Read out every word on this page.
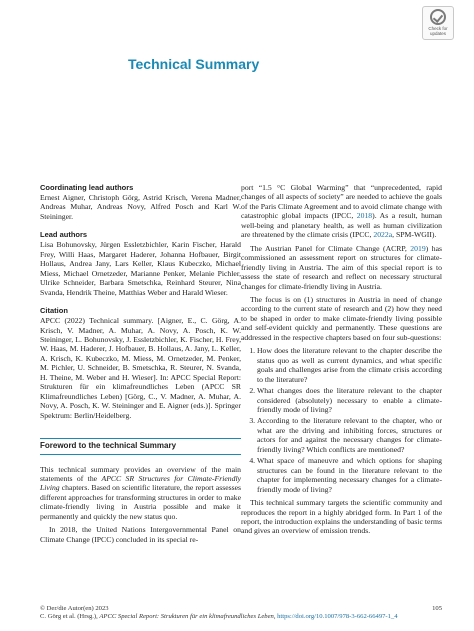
Check for
updates
Technical Summary
Coordinating lead authors

Ernest Aigner, Christoph Görg, Astrid Krisch, Verena Madner, Andreas Muhar, Andreas Novy, Alfred Posch and Karl W. Steininger.

Lead authors

Lisa Bohunovsky, Jürgen Essletzbichler, Karin Fischer, Harald Frey, Willi Haas, Margaret Haderer, Johanna Hofbauer, Birgit Hollaus, Andrea Jany, Lars Keller, Klaus Kubeczko, Michael Miess, Michael Ornetzeder, Marianne Penker, Melanie Pichler, Ulrike Schneider, Barbara Smetschka, Reinhard Steurer, Nina Svanda, Hendrik Theine, Matthias Weber and Harald Wieser.

Citation

APCC (2022) Technical summary. [Aigner, E., C. Görg, A. Krisch, V. Madner, A. Muhar, A. Novy, A. Posch, K. W. Steininger, L. Bohunovsky, J. Essletzbichler, K. Fischer, H. Frey, W. Haas, M. Haderer, J. Hofbauer, B. Hollaus, A. Jany, L. Keller, A. Krisch, K. Kubeczko, M. Miess, M. Ornetzeder, M. Penker, M. Pichler, U. Schneider, B. Smetschka, R. Steurer, N. Svanda, H. Theine, M. Weber and H. Wieser]. In: APCC Special Report: Strukturen für ein klimafreundliches Leben (APCC SR Klimafreundliches Leben) [Görg, C., V. Madner, A. Muhar, A. Novy, A. Posch, K. W. Steininger and E. Aigner (eds.)]. Springer Spektrum: Berlin/Heidelberg.

Foreword to the technical Summary

This technical summary provides an overview of the main statements of the APCC SR Structures for Climate-Friendly Living chapters. Based on scientific literature, the report assesses different approaches for transforming structures in order to make climate-friendly living in Austria possible and make it permanently and quickly the new status quo.

In 2018, the United Nations Intergovernmental Panel on Climate Change (IPCC) concluded in its special re-

port “1.5 °C Global Warming” that “unprecedented, rapid changes of all aspects of society” are needed to achieve the goals of the Paris Climate Agreement and to avoid climate change with catastrophic global impacts (IPCC, 2018). As a result, human well-being and planetary health, as well as human civilization are threatened by the climate crisis (IPCC, 2022a, SPM-WGII).

The Austrian Panel for Climate Change (ACRP, 2019) has commissioned an assessment report on structures for climate-friendly living in Austria. The aim of this special report is to assess the state of research and reflect on necessary structural changes for climate-friendly living in Austria.

The focus is on (1) structures in Austria in need of change according to the current state of research and (2) how they need to be shaped in order to make climate-friendly living possible and self-evident quickly and permanently. These questions are addressed in the respective chapters based on four sub-questions:

1. How does the literature relevant to the chapter describe the status quo as well as current dynamics, and what specific goals and challenges arise from the climate crisis according to the literature?
2. What changes does the literature relevant to the chapter considered (absolutely) necessary to enable a climate-friendly mode of living?
3. According to the literature relevant to the chapter, who or what are the driving and inhibiting forces, structures or actors for and against the necessary changes for climate-friendly living? Which conflicts are mentioned?
4. What space of maneuvre and which options for shaping structures can be found in the literature relevant to the chapter for implementing necessary changes for a climate-friendly mode of living?

This technical summary targets the scientific community and reproduces the report in a highly abridged form. In Part 1 of the report, the introduction explains the understanding of basic terms and gives an overview of emission trends.

© Der/die Autor(en) 2023	105
C. Görg et al. (Hrsg.), APCC Special Report: Strukturen für ein klimafreundliches Leben, https://doi.org/10.1007/978-3-662-66497-1_4
